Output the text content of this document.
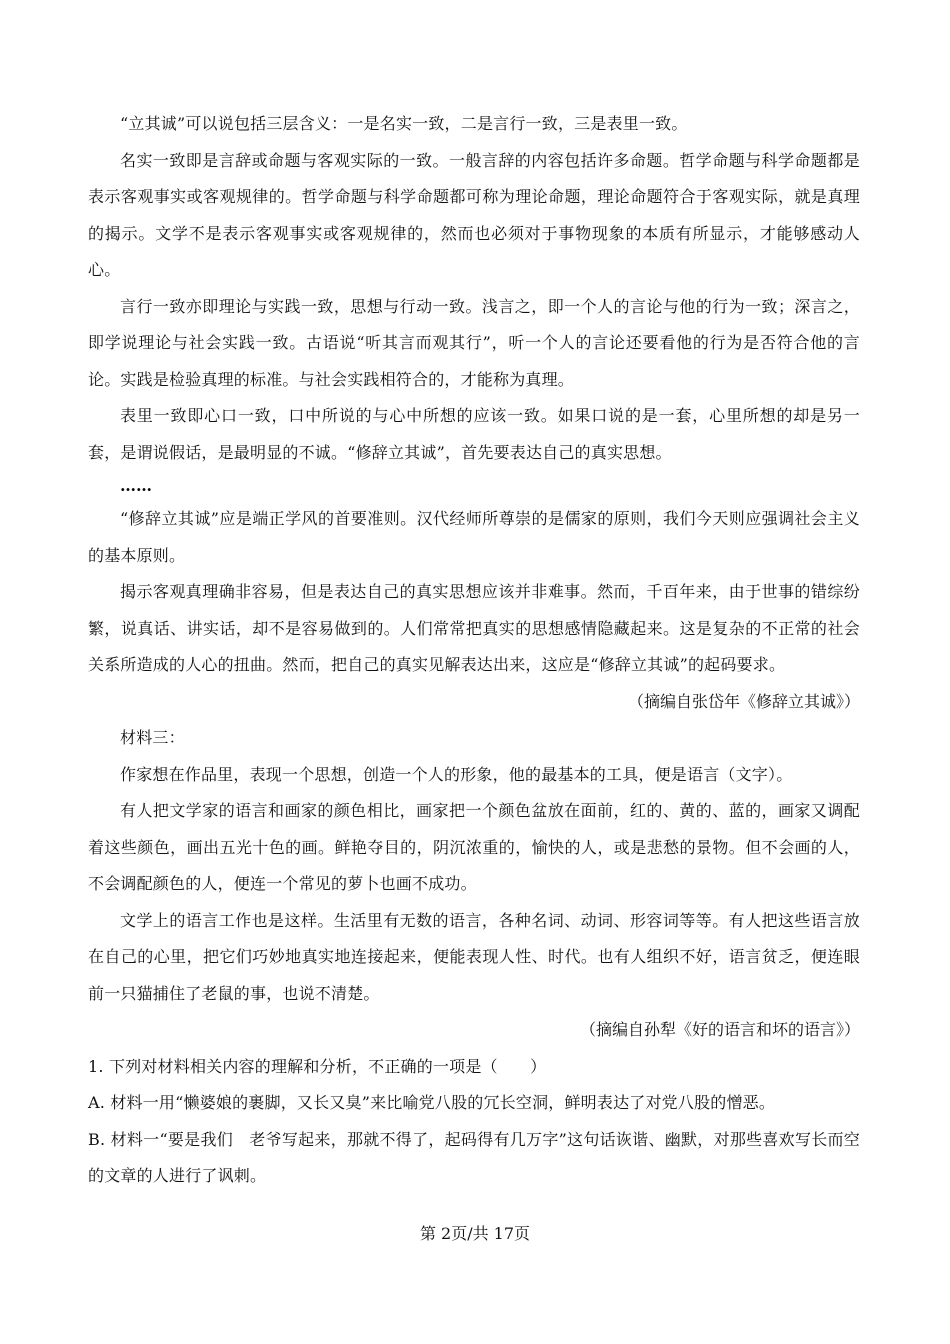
“立其诚”可以说包括三层含义：一是名实一致，二是言行一致，三是表里一致。

名实一致即是言辞或命题与客观实际的一致。一般言辞的内容包括许多命题。哲学命题与科学命题都是表示客观事实或客观规律的。哲学命题与科学命题都可称为理论命题，理论命题符合于客观实际，就是真理的揭示。文学不是表示客观事实或客观规律的，然而也必须对于事物现象的本质有所显示，才能够感动人心。

言行一致亦即理论与实践一致，思想与行动一致。浅言之，即一个人的言论与他的行为一致；深言之，即学说理论与社会实践一致。古语说“听其言而观其行”，听一个人的言论还要看他的行为是否符合他的言论。实践是检验真理的标准。与社会实践相符合的，才能称为真理。

表里一致即心口一致，口中所说的与心中所想的应该一致。如果口说的是一套，心里所想的却是另一套，是谓说假话，是最明显的不诚。“修辞立其诚”，首先要表达自己的真实思想。

……

“修辞立其诚”应是端正学风的首要准则。汉代经师所尊崇的是儒家的原则，我们今天则应强调社会主义的基本原则。

揭示客观真理确非容易，但是表达自己的真实思想应该并非难事。然而，千百年来，由于世事的错综纷繁，说真话、讲实话，却不是容易做到的。人们常常把真实的思想感情隐藏起来。这是复杂的不正常的社会关系所造成的人心的扭曲。然而，把自己的真实见解表达出来，这应是“修辞立其诚”的起码要求。

（摘编自张岱年《修辞立其诚》）

材料三：

作家想在作品里，表现一个思想，创造一个人的形象，他的最基本的工具，便是语言（文字）。

有人把文学家的语言和画家的颜色相比，画家把一个颜色盆放在面前，红的、黄的、蓝的，画家又调配着这些颜色，画出五光十色的画。鲜艳夺目的，阴沉浓重的，愉快的人，或是悲愁的景物。但不会画的人，不会调配颜色的人，便连一个常见的萝卜也画不成功。

文学上的语言工作也是这样。生活里有无数的语言，各种名词、动词、形容词等等。有人把这些语言放在自己的心里，把它们巧妙地真实地连接起来，便能表现人性、时代。也有人组织不好，语言贫乏，便连眼前一只猫捕住了老鼠的事，也说不清楚。

（摘编自孙犁《好的语言和坏的语言》）

1. 下列对材料相关内容的理解和分析，不正确的一项是（　　）

A. 材料一用“懒婆娘的裹脚，又长又臭”来比喻党八股的冗长空洞，鲜明表达了对党八股的憎恶。

B. 材料一“要是我们　老爷写起来，那就不得了，起码得有几万字”这句话诙谐、幽默，对那些喜欢写长而空的文章的人进行了讽刺。

第 2页/共 17页
